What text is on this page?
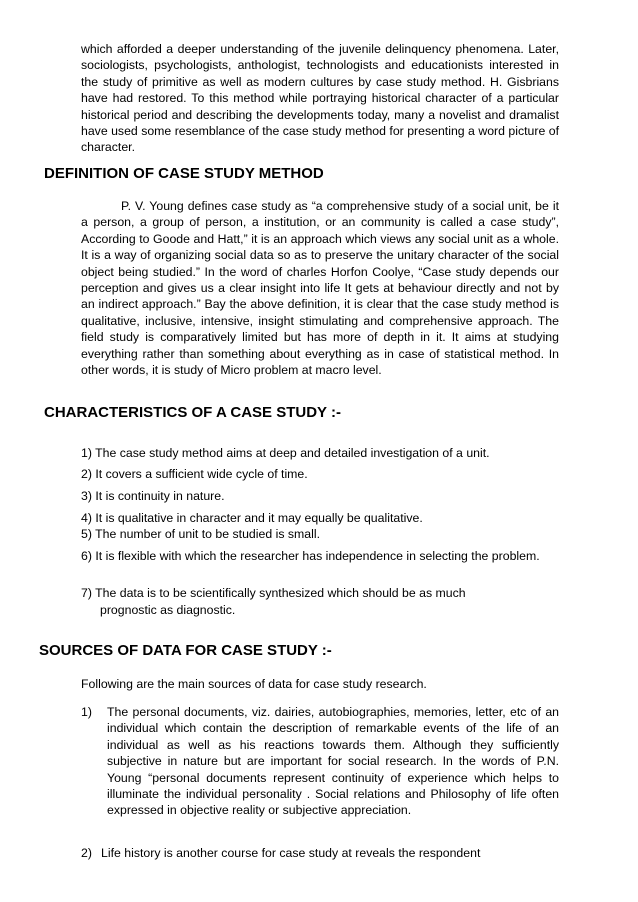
which afforded a deeper understanding of the juvenile delinquency phenomena. Later, sociologists, psychologists, anthologist, technologists and educationists interested in the study of primitive as well as modern cultures by case study method. H. Gisbrians have had restored. To this method while portraying historical character of a particular historical period and describing the developments today, many a novelist and dramalist have used some resemblance of the case study method for presenting a word picture of character.

DEFINITION OF CASE STUDY METHOD

P. V. Young defines case study as “a comprehensive study of a social unit, be it a person, a group of person, a institution, or an community is called a case study”, According to Goode and Hatt,” it is an approach which views any social unit as a whole. It is a way of organizing social data so as to preserve the unitary character of the social object being studied.” In the word of charles Horfon Coolye, “Case study depends our perception and gives us a clear insight into life It gets at behaviour directly and not by an indirect approach.” Bay the above definition, it is clear that the case study method is qualitative, inclusive, intensive, insight stimulating and comprehensive approach. The field study is comparatively limited but has more of depth in it. It aims at studying everything rather than something about everything as in case of statistical method. In other words, it is study of Micro problem at macro level.

CHARACTERISTICS OF A CASE STUDY :-

1) The case study method aims at deep and detailed investigation of a unit.

2) It covers a sufficient wide cycle of time.

3) It is continuity in nature.

4) It is qualitative in character and it may equally be qualitative.

5) The number of unit to be studied is small.

6) It is flexible with which the researcher has independence in selecting the problem.

7) The data is to be scientifically synthesized which should be as much prognostic as diagnostic.

SOURCES OF DATA FOR CASE STUDY :-

Following are the main sources of data for case study research.

1) The personal documents, viz. dairies, autobiographies, memories, letter, etc of an individual which contain the description of remarkable events of the life of an individual as well as his reactions towards them. Although they sufficiently subjective in nature but are important for social research. In the words of P.N. Young “personal documents represent continuity of experience which helps to illuminate the individual personality . Social relations and Philosophy of life often expressed in objective reality or subjective appreciation.
2) Life history is another course for case study at reveals the respondent
